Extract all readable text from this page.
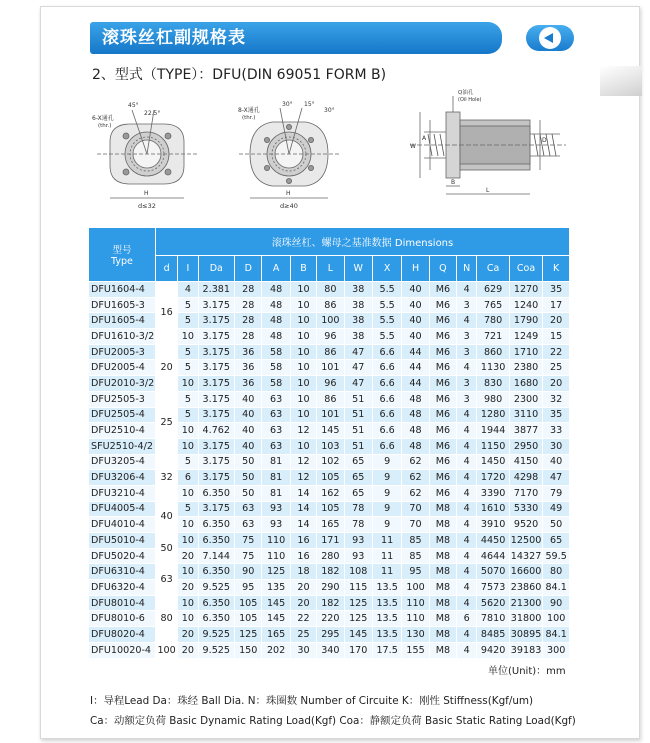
滚珠丝杠副规格表
2、型式（TYPE）：DFU(DIN 69051 FORM B)
6-X通孔
(thr.)
45°
22.5°
H
d≤32
8-X通孔
(thr.)
30° 15°
30°
H
d≥40
Q油孔
(Oil Hole)
W
A	D
B
L
型号
Type	滚珠丝杠、螺母之基准数据 Dimensions														
	d	I	Da	D	A	B	L	W	X	H	Q	N	Ca	Coa	K
DFU1604-4	16	4	2.381	28	48	10	80	38	5.5	40	M6	4	629	1270	35
DFU1605-3		5	3.175	28	48	10	86	38	5.5	40	M6	3	765	1240	17
DFU1605-4		5	3.175	28	48	10	100	38	5.5	40	M6	4	780	1790	20
DFU1610-3/2		10	3.175	28	48	10	96	38	5.5	40	M6	3	721	1249	15
DFU2005-3	20	5	3.175	36	58	10	86	47	6.6	44	M6	3	860	1710	22
DFU2005-4		5	3.175	36	58	10	101	47	6.6	44	M6	4	1130	2380	25
DFU2010-3/2		10	3.175	36	58	10	96	47	6.6	44	M6	3	830	1680	20
DFU2505-3	25	5	3.175	40	63	10	86	51	6.6	48	M6	3	980	2300	32
DFU2505-4		5	3.175	40	63	10	101	51	6.6	48	M6	4	1280	3110	35
DFU2510-4		10	4.762	40	63	12	145	51	6.6	48	M6	4	1944	3877	33
SFU2510-4/2		10	3.175	40	63	10	103	51	6.6	48	M6	4	1150	2950	30
DFU3205-4	32	5	3.175	50	81	12	102	65	9	62	M6	4	1450	4150	40
DFU3206-4		6	3.175	50	81	12	105	65	9	62	M6	4	1720	4298	47
DFU3210-4		10	6.350	50	81	14	162	65	9	62	M6	4	3390	7170	79
DFU4005-4	40	5	3.175	63	93	14	105	78	9	70	M8	4	1610	5330	49
DFU4010-4		10	6.350	63	93	14	165	78	9	70	M8	4	3910	9520	50
DFU5010-4	50	10	6.350	75	110	16	171	93	11	85	M8	4	4450	12500	65
DFU5020-4		20	7.144	75	110	16	280	93	11	85	M8	4	4644	14327	59.5
DFU6310-4	63	10	6.350	90	125	18	182	108	11	95	M8	4	5070	16600	80
DFU6320-4		20	9.525	95	135	20	290	115	13.5	100	M8	4	7573	23860	84.1
DFU8010-4	80	10	6.350	105	145	20	182	125	13.5	110	M8	4	5620	21300	90
DFU8010-6		10	6.350	105	145	22	220	125	13.5	110	M8	6	7810	31800	100
DFU8020-4		20	9.525	125	165	25	295	145	13.5	130	M8	4	8485	30895	84.1
DFU10020-4	100	20	9.525	150	202	30	340	170	17.5	155	M8	4	9420	39183	300
单位(Unit)：mm
I：导程Lead Da：珠经 Ball Dia. N：珠圈数 Number of Circuite K：刚性 Stiffness(Kgf/um)
Ca：动额定负荷 Basic Dynamic Rating Load(Kgf) Coa：静额定负荷 Basic Static Rating Load(Kgf)
